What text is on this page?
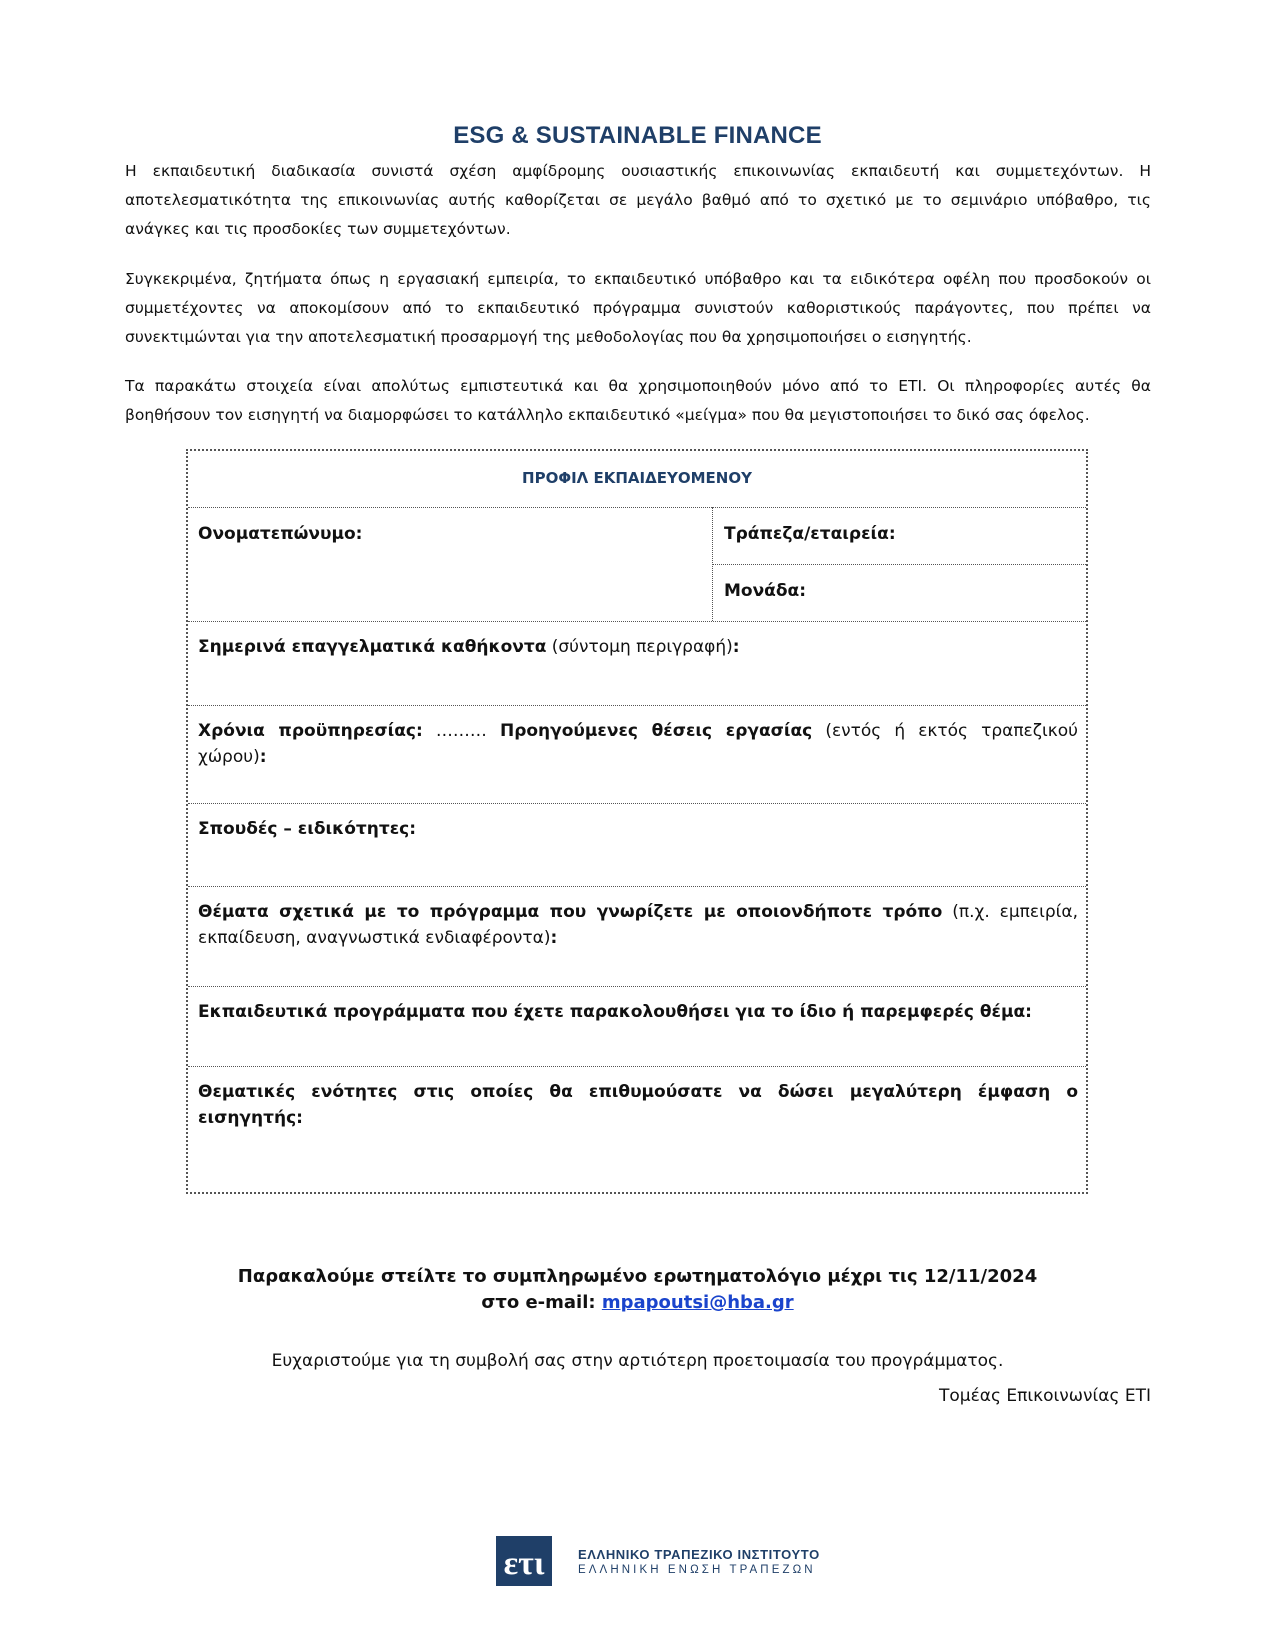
ESG & SUSTAINABLE FINANCE

Η εκπαιδευτική διαδικασία συνιστά σχέση αμφίδρομης ουσιαστικής επικοινωνίας εκπαιδευτή και συμμετεχόντων. Η αποτελεσματικότητα της επικοινωνίας αυτής καθορίζεται σε μεγάλο βαθμό από το σχετικό με το σεμινάριο υπόβαθρο, τις ανάγκες και τις προσδοκίες των συμμετεχόντων.

Συγκεκριμένα, ζητήματα όπως η εργασιακή εμπειρία, το εκπαιδευτικό υπόβαθρο και τα ειδικότερα οφέλη που προσδοκούν οι συμμετέχοντες να αποκομίσουν από το εκπαιδευτικό πρόγραμμα συνιστούν καθοριστικούς παράγοντες, που πρέπει να συνεκτιμώνται για την αποτελεσματική προσαρμογή της μεθοδολογίας που θα χρησιμοποιήσει ο εισηγητής.

Τα παρακάτω στοιχεία είναι απολύτως εμπιστευτικά και θα χρησιμοποιηθούν μόνο από το ΕΤΙ. Οι πληροφορίες αυτές θα βοηθήσουν τον εισηγητή να διαμορφώσει το κατάλληλο εκπαιδευτικό «μείγμα» που θα μεγιστοποιήσει το δικό σας όφελος.

ΠΡΟΦΙΛ ΕΚΠΑΙΔΕΥΟΜΕΝΟΥ
Ονοματεπώνυμο:	Τράπεζα/εταιρεία:
Μονάδα:
Σημερινά επαγγελματικά καθήκοντα (σύντομη περιγραφή):
Χρόνια προϋπηρεσίας: ……… Προηγούμενες θέσεις εργασίας (εντός ή εκτός τραπεζικού χώρου):
Σπουδές – ειδικότητες:
Θέματα σχετικά με το πρόγραμμα που γνωρίζετε με οποιονδήποτε τρόπο (π.χ. εμπειρία, εκπαίδευση, αναγνωστικά ενδιαφέροντα):
Εκπαιδευτικά προγράμματα που έχετε παρακολουθήσει για το ίδιο ή παρεμφερές θέμα:
Θεματικές ενότητες στις οποίες θα επιθυμούσατε να δώσει μεγαλύτερη έμφαση ο εισηγητής:
Παρακαλούμε στείλτε το συμπληρωμένο ερωτηματολόγιο μέχρι τις 12/11/2024
στο e-mail: mpapoutsi@hba.gr
Ευχαριστούμε για τη συμβολή σας στην αρτιότερη προετοιμασία του προγράμματος.
Τομέας Επικοινωνίας ΕΤΙ
ετι	ΕΛΛΗΝΙΚΟ ΤΡΑΠΕΖΙΚΟ ΙΝΣΤΙΤΟΥΤΟ
ΕΛΛΗΝΙΚΗ ΕΝΩΣΗ ΤΡΑΠΕΖΩΝ
